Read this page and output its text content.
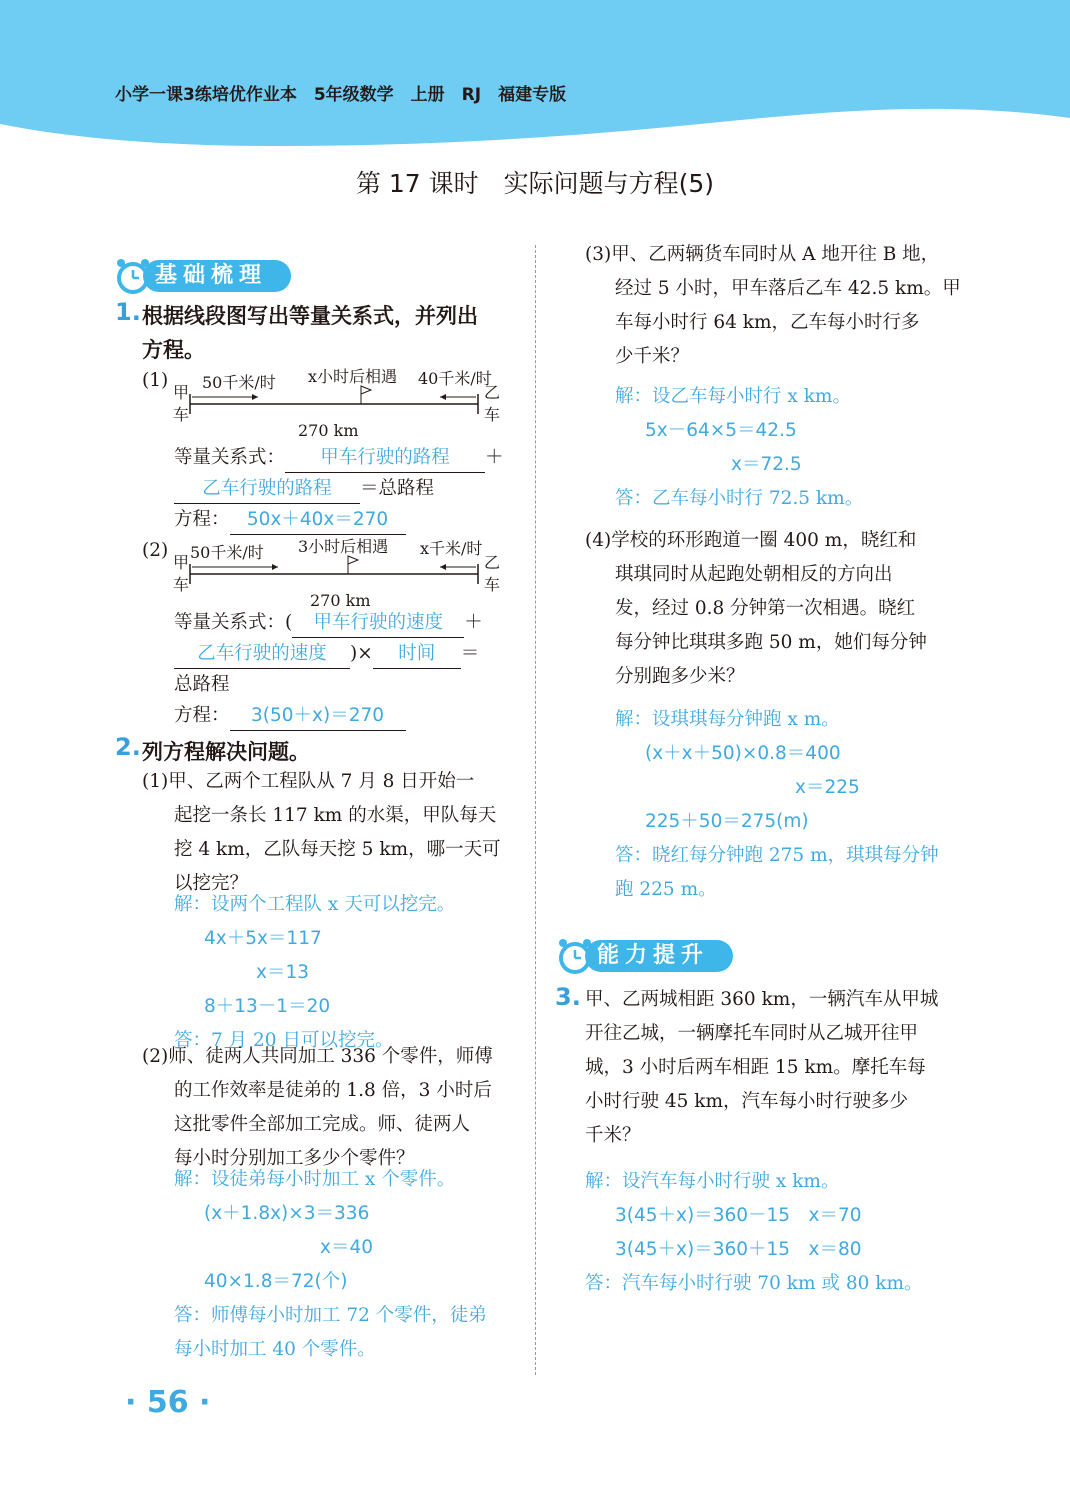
小学一课3练培优作业本　5年级数学　上册　RJ　福建专版
第 17 课时　实际问题与方程(5)
基础梳理
1. 根据线段图写出等量关系式，并列出
方程。
(1)
甲
车
乙
车
50千米/时 x小时后相遇 40千米/时
270 km
等量关系式： 甲车行驶的路程 ＋
乙车行驶的路程 ＝总路程
方程： 50x＋40x＝270
(2)
甲
车
乙
车
50千米/时 3小时后相遇 x千米/时
270 km
等量关系式：( 甲车行驶的速度 ＋
乙车行驶的速度 )× 时间 ＝
总路程
方程： 3(50＋x)＝270
2. 列方程解决问题。
(1)甲、乙两个工程队从 7 月 8 日开始一
起挖一条长 117 km 的水渠，甲队每天
挖 4 km，乙队每天挖 5 km，哪一天可
以挖完？
解：设两个工程队 x 天可以挖完。
4x＋5x＝117
x＝13
8＋13－1＝20
答：7 月 20 日可以挖完。
(2)师、徒两人共同加工 336 个零件，师傅
的工作效率是徒弟的 1.8 倍，3 小时后
这批零件全部加工完成。师、徒两人
每小时分别加工多少个零件？
解：设徒弟每小时加工 x 个零件。
(x＋1.8x)×3＝336
x＝40
40×1.8＝72(个)
答：师傅每小时加工 72 个零件，徒弟
每小时加工 40 个零件。
(3)甲、乙两辆货车同时从 A 地开往 B 地，
经过 5 小时，甲车落后乙车 42.5 km。甲
车每小时行 64 km，乙车每小时行多
少千米？
解：设乙车每小时行 x km。
5x－64×5＝42.5
x＝72.5
答：乙车每小时行 72.5 km。
(4)学校的环形跑道一圈 400 m，晓红和
琪琪同时从起跑处朝相反的方向出
发，经过 0.8 分钟第一次相遇。晓红
每分钟比琪琪多跑 50 m，她们每分钟
分别跑多少米？
解：设琪琪每分钟跑 x m。
(x＋x＋50)×0.8＝400
x＝225
225＋50＝275(m)
答：晓红每分钟跑 275 m，琪琪每分钟
跑 225 m。
能力提升
3. 甲、乙两城相距 360 km，一辆汽车从甲城
开往乙城，一辆摩托车同时从乙城开往甲
城，3 小时后两车相距 15 km。摩托车每
小时行驶 45 km，汽车每小时行驶多少
千米？
解：设汽车每小时行驶 x km。
3(45＋x)＝360－15　x＝70
3(45＋x)＝360＋15　x＝80
答：汽车每小时行驶 70 km 或 80 km。
· 56 ·
